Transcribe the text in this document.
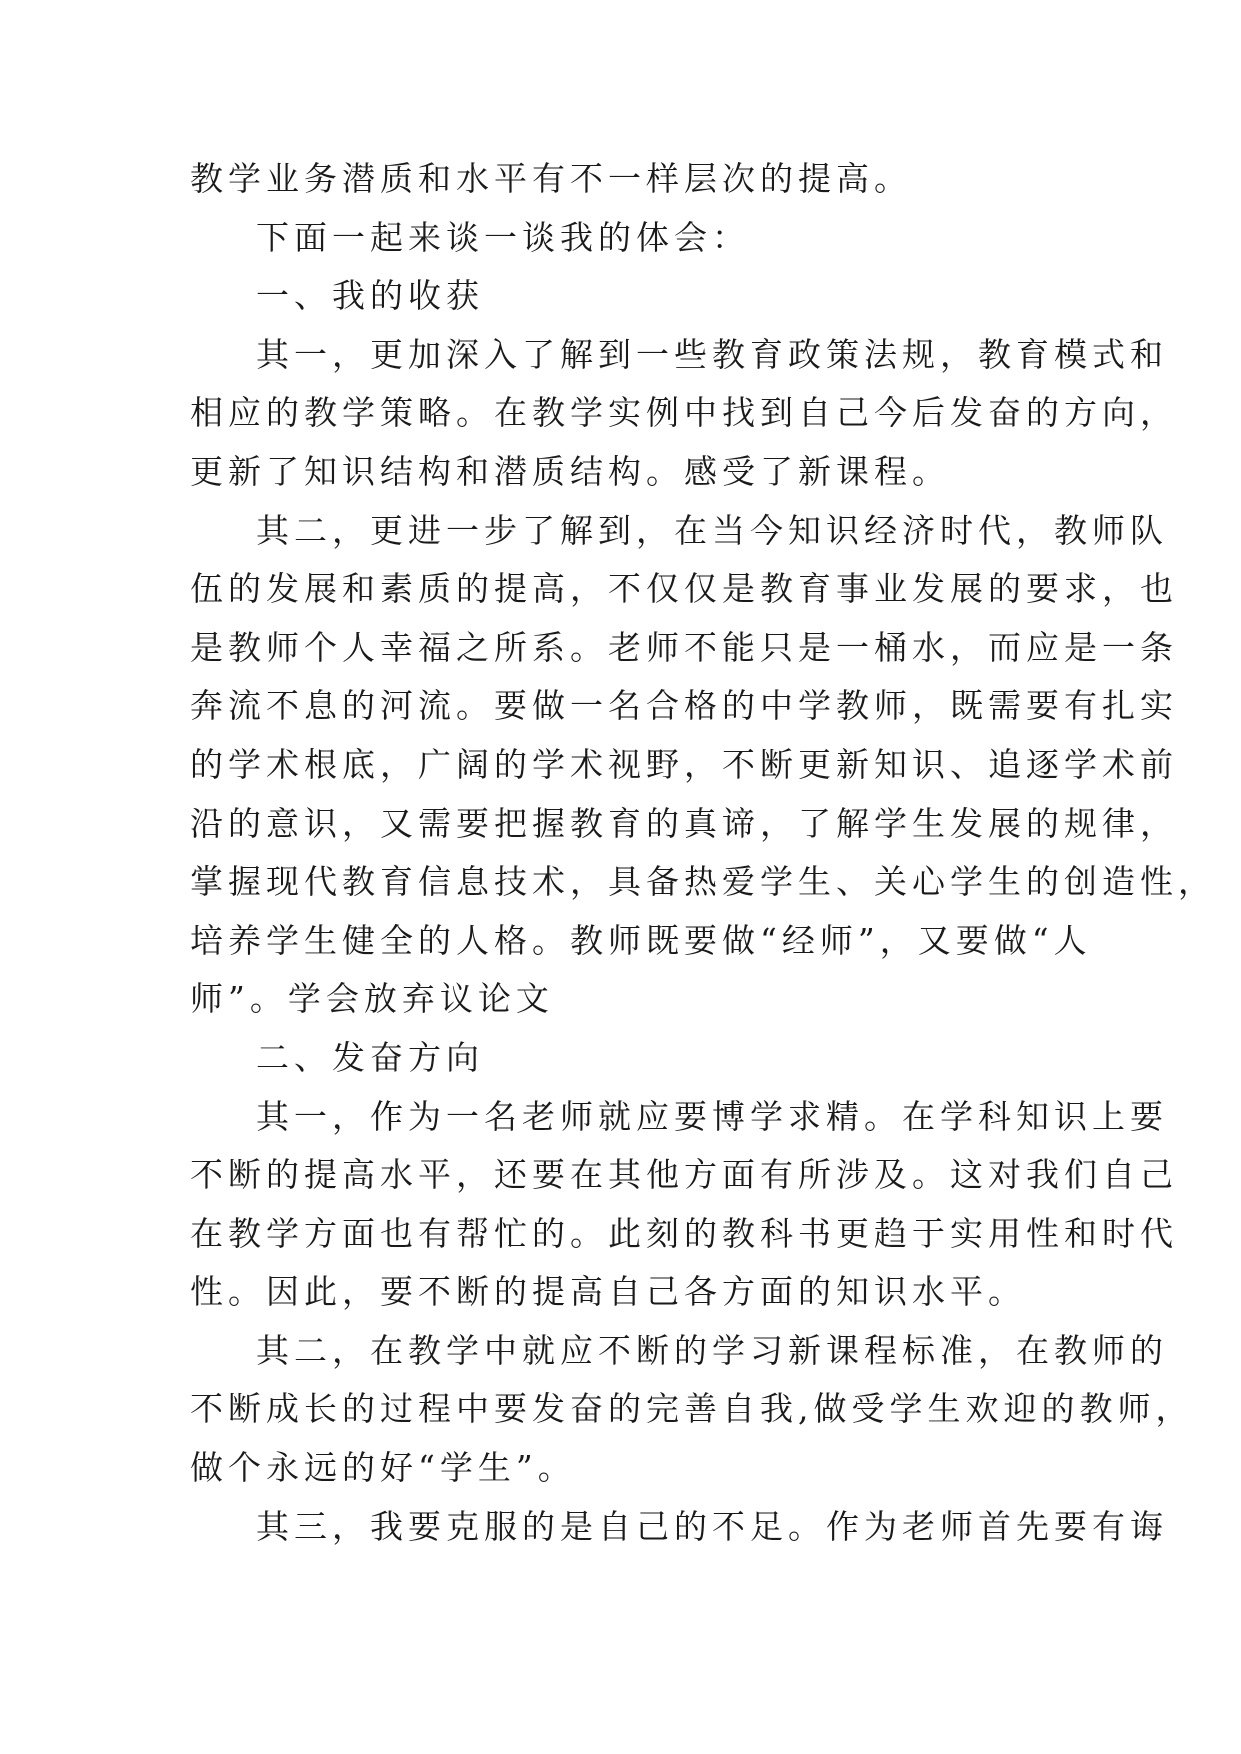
教学业务潜质和水平有不一样层次的提高。
下面一起来谈一谈我的体会：
一、我的收获
其一，更加深入了解到一些教育政策法规，教育模式和
相应的教学策略。在教学实例中找到自己今后发奋的方向，
更新了知识结构和潜质结构。感受了新课程。
其二，更进一步了解到，在当今知识经济时代，教师队
伍的发展和素质的提高，不仅仅是教育事业发展的要求，也
是教师个人幸福之所系。老师不能只是一桶水，而应是一条
奔流不息的河流。要做一名合格的中学教师，既需要有扎实
的学术根底，广阔的学术视野，不断更新知识、追逐学术前
沿的意识，又需要把握教育的真谛，了解学生发展的规律，
掌握现代教育信息技术，具备热爱学生、关心学生的创造性，
培养学生健全的人格。教师既要做“经师”，又要做“人
师”。学会放弃议论文
二、发奋方向
其一，作为一名老师就应要博学求精。在学科知识上要
不断的提高水平，还要在其他方面有所涉及。这对我们自己
在教学方面也有帮忙的。此刻的教科书更趋于实用性和时代
性。因此，要不断的提高自己各方面的知识水平。
其二，在教学中就应不断的学习新课程标准，在教师的
不断成长的过程中要发奋的完善自我,做受学生欢迎的教师，
做个永远的好“学生”。
其三，我要克服的是自己的不足。作为老师首先要有诲
